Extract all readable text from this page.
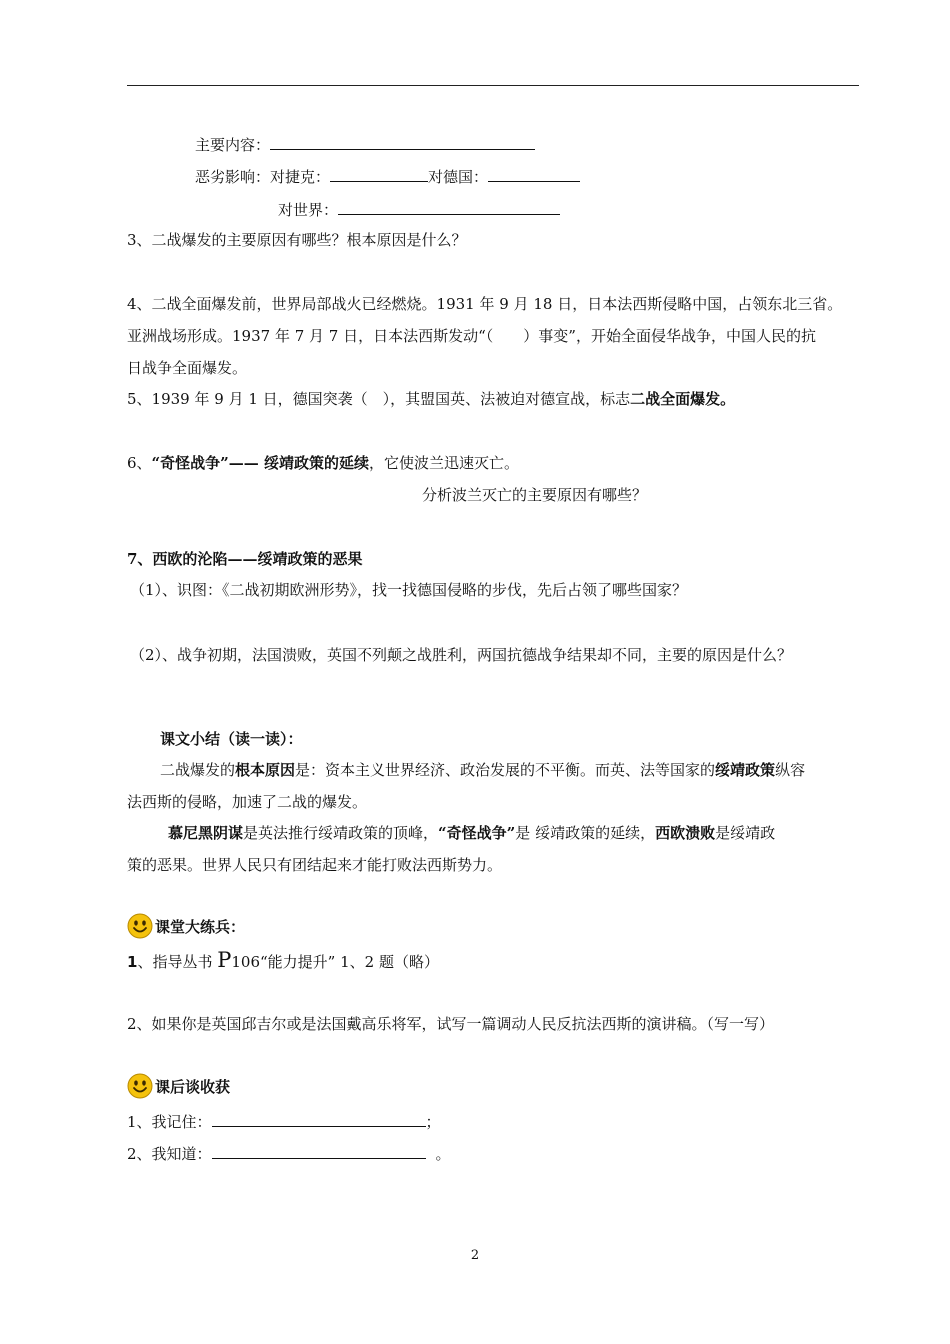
主要内容：
恶劣影响：对捷克：	对德国：
对世界：
3、二战爆发的主要原因有哪些？根本原因是什么？
4、二战全面爆发前，世界局部战火已经燃烧。1931 年 9 月 18 日，日本法西斯侵略中国，占领东北三省。
亚洲战场形成。1937 年 7 月 7 日，日本法西斯发动“（　　）事变”，开始全面侵华战争，中国人民的抗
日战争全面爆发。
5、1939 年 9 月 1 日，德国突袭（　），其盟国英、法被迫对德宣战，标志二战全面爆发。
6、“奇怪战争”—— 绥靖政策的延续，它使波兰迅速灭亡。
分析波兰灭亡的主要原因有哪些？
7、西欧的沦陷——绥靖政策的恶果
（1）、识图：《二战初期欧洲形势》，找一找德国侵略的步伐，先后占领了哪些国家？
（2）、战争初期，法国溃败，英国不列颠之战胜利，两国抗德战争结果却不同，主要的原因是什么？
课文小结（读一读）：
二战爆发的根本原因是：资本主义世界经济、政治发展的不平衡。而英、法等国家的绥靖政策纵容
法西斯的侵略，加速了二战的爆发。
慕尼黑阴谋是英法推行绥靖政策的顶峰，“奇怪战争”是 绥靖政策的延续，西欧溃败是绥靖政
策的恶果。世界人民只有团结起来才能打败法西斯势力。
课堂大练兵：
1、指导丛书 P106“能力提升” 1、2 题（略）
2、如果你是英国邱吉尔或是法国戴高乐将军，试写一篇调动人民反抗法西斯的演讲稿。（写一写）
课后谈收获
1、我记住：	；
2、我知道：	。
2
